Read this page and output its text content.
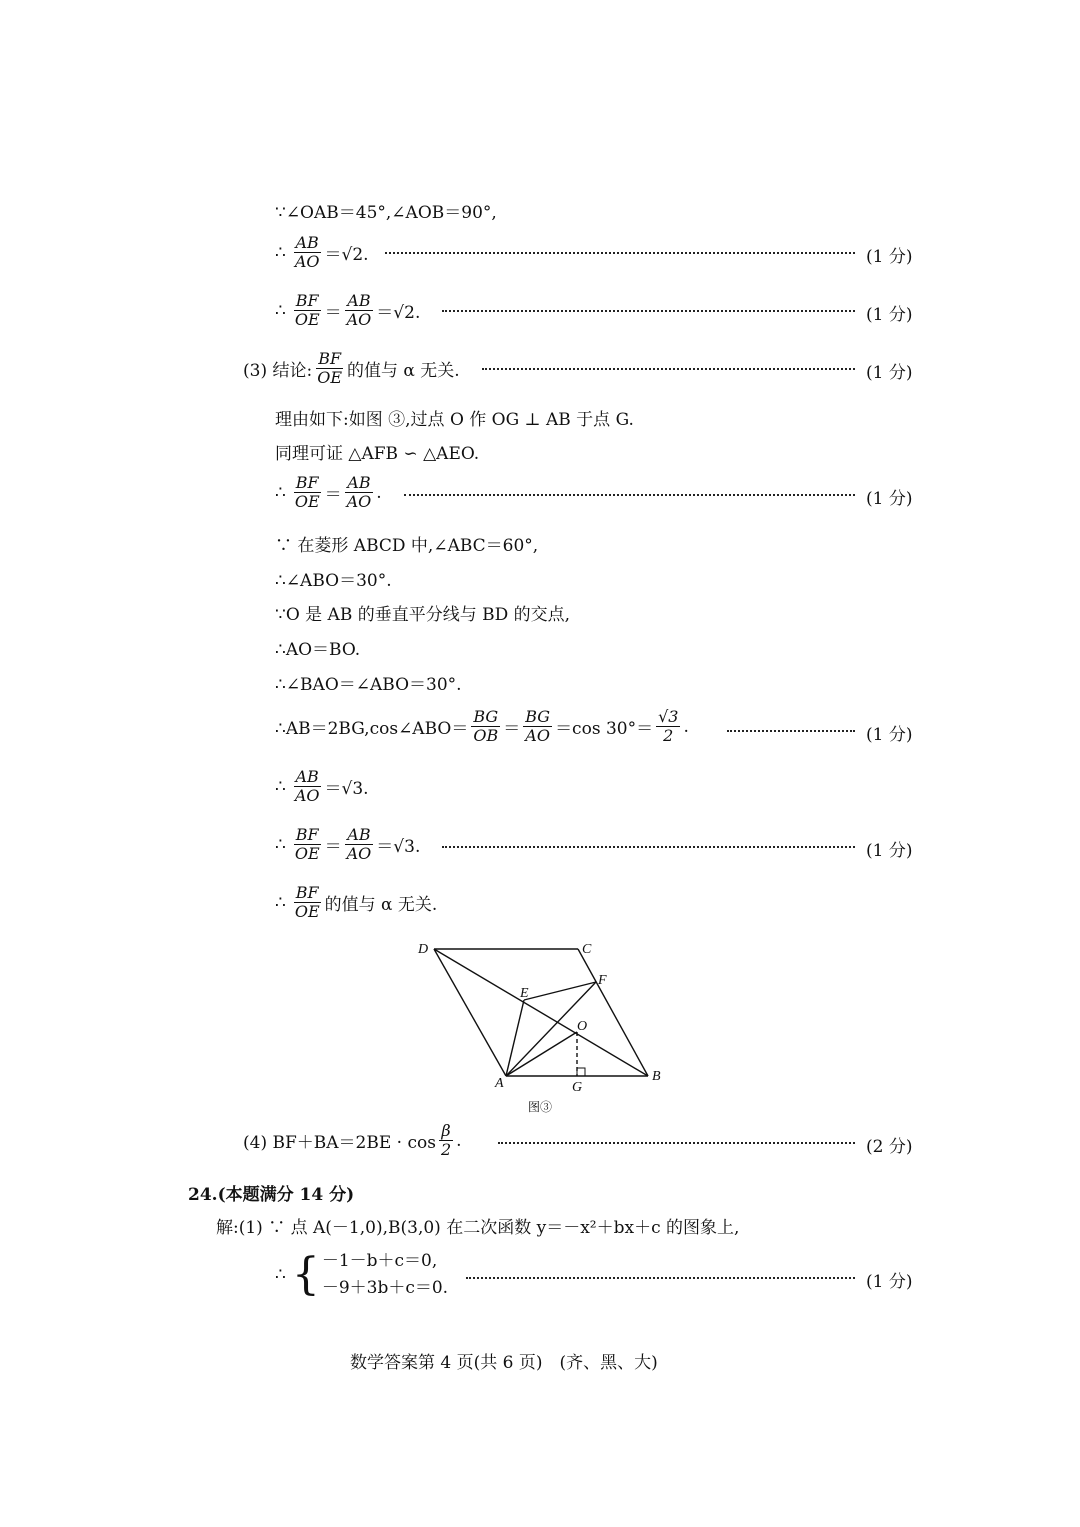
∵∠OAB＝45°,∠AOB＝90°,
∴ $\frac{AB}{AO} =√2$.	(1 分)
∴ $\frac{BF}{OE} = \frac{AB}{AO} =√2$.	(1 分)
(3) 结论: $\frac{BF}{OE}$ 的值与 α 无关.	(1 分)
理由如下:如图 ③,过点 O 作 OG ⊥ AB 于点 G.
同理可证 △AFB ∽ △AEO.
∴ $\frac{BF}{OE} = \frac{AB}{AO}$ .	(1 分)
∵ 在菱形 ABCD 中,∠ABC＝60°,
∴∠ABO＝30°.
∵O 是 AB 的垂直平分线与 BD 的交点,
∴AO＝BO.
∴∠BAO＝∠ABO＝30°.
∴AB＝2BG,cos∠ABO＝ $\frac{BG}{OB} = \frac{BG}{AO} =\cos$ $30^\circ= \frac{√3}{2}$ .	(1 分)
∴ $\frac{AB}{AO} =√3$.
∴ $\frac{BF}{OE} = \frac{AB}{AO} =√3$.	(1 分)
∴ $\frac{BF}{OE}$ 的值与 α 无关.
D	C
F
E
O
A	G
B
图③
(4) $BF+BA=2BE \cdot \cos \frac{\beta}{2}$ .	(2 分)
24.(本题满分 14 分)
解:(1) ∵ 点 A(－1,0),B(3,0) 在二次函数 y＝－x²＋bx＋c 的图象上,
∴ { －1－b＋c＝0,
－9＋3b＋c＝0.	(1 分)
数学答案第 4 页(共 6 页)　(齐、黑、大)
